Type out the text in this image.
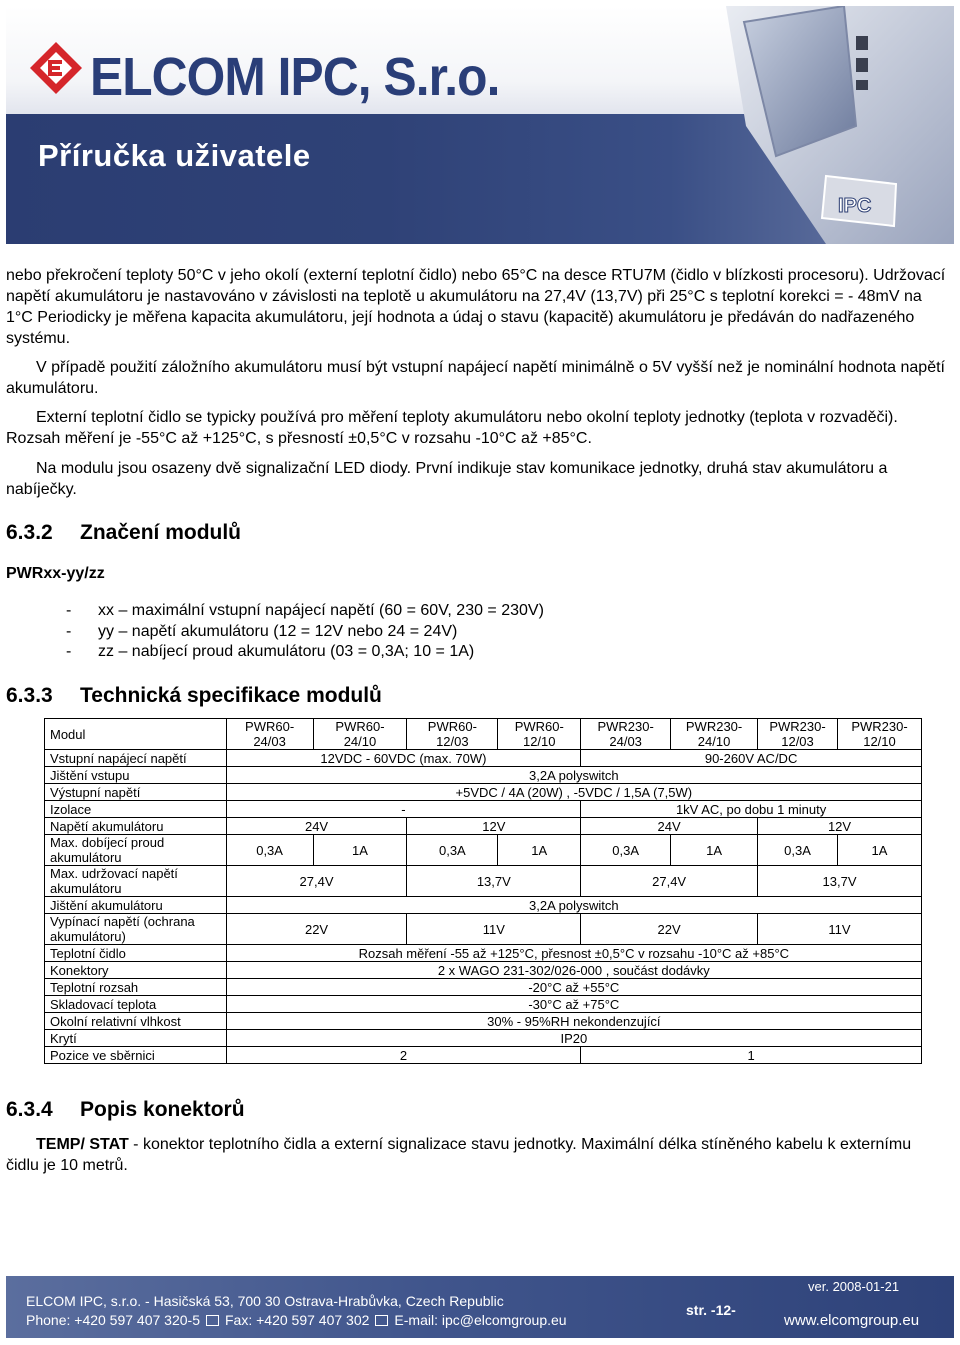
ELCOM IPC, S.r.o.
Příručka uživatele
IPC
nebo překročení teploty 50°C v jeho okolí (externí teplotní čidlo) nebo 65°C na desce RTU7M (čidlo v blízkosti procesoru). Udržovací napětí akumulátoru je nastavováno v závislosti na teplotě u akumulátoru na 27,4V (13,7V) při 25°C s teplotní korekci = - 48mV na 1°C Periodicky je měřena kapacita akumulátoru, její hodnota a údaj o stavu (kapacitě) akumulátoru je předáván do nadřazeného systému.
V případě použití záložního akumulátoru musí být vstupní napájecí napětí minimálně o 5V vyšší než je nominální hodnota napětí akumulátoru.
Externí teplotní čidlo se typicky používá pro měření teploty akumulátoru nebo okolní teploty jednotky (teplota v rozvaděči). Rozsah měření je -55°C až +125°C, s přesností ±0,5°C v rozsahu -10°C až +85°C.
Na modulu jsou osazeny dvě signalizační LED diody. První indikuje stav komunikace jednotky, druhá stav akumulátoru a nabíječky.
6.3.2 Značení modulů
PWRxx-yy/zz
- xx – maximální vstupní napájecí napětí (60 = 60V, 230 = 230V)
- yy – napětí akumulátoru (12 = 12V nebo 24 = 24V)
- zz – nabíjecí proud akumulátoru (03 = 0,3A; 10 = 1A)
6.3.3 Technická specifikace modulů
Modul	PWR60- 24/03	PWR60- 24/10	PWR60- 12/03	PWR60- 12/10	PWR230- 24/03	PWR230- 24/10	PWR230- 12/03	PWR230- 12/10
Vstupní napájecí napětí	12VDC - 60VDC (max. 70W)				90-260V AC/DC			
Jištění vstupu	3,2A polyswitch							
Výstupní napětí	+5VDC / 4A (20W) , -5VDC / 1,5A (7,5W)							
Izolace	-				1kV AC, po dobu 1 minuty			
Napětí akumulátoru	24V		12V		24V		12V	
Max. dobíjecí proud akumulátoru	0,3A	1A	0,3A	1A	0,3A	1A	0,3A	1A
Max. udržovací napětí akumulátoru	27,4V		13,7V		27,4V		13,7V	
Jištění akumulátoru	3,2A polyswitch							
Vypínací napětí (ochrana akumulátoru)	22V		11V		22V		11V	
Teplotní čidlo	Rozsah měření -55 až +125°C, přesnost ±0,5°C v rozsahu -10°C až +85°C							
Konektory	2 x WAGO 231-302/026-000 , součást dodávky							
Teplotní rozsah	-20°C až +55°C							
Skladovací teplota	-30°C až +75°C							
Okolní relativní vlhkost	30% - 95%RH nekondenzující							
Krytí	IP20							
Pozice ve sběrnici	2				1			
6.3.4 Popis konektorů
TEMP/ STAT - konektor teplotního čidla a externí signalizace stavu jednotky. Maximální délka stíněného kabelu k externímu čidlu je 10 metrů.
ELCOM IPC, s.r.o. - Hasičská 53, 700 30 Ostrava-Hrabůvka, Czech Republic
Phone: +420 597 407 320-5 Fax: +420 597 407 302 E-mail: ipc@elcomgroup.eu
ver. 2008-01-21
str. -12-
www.elcomgroup.eu
